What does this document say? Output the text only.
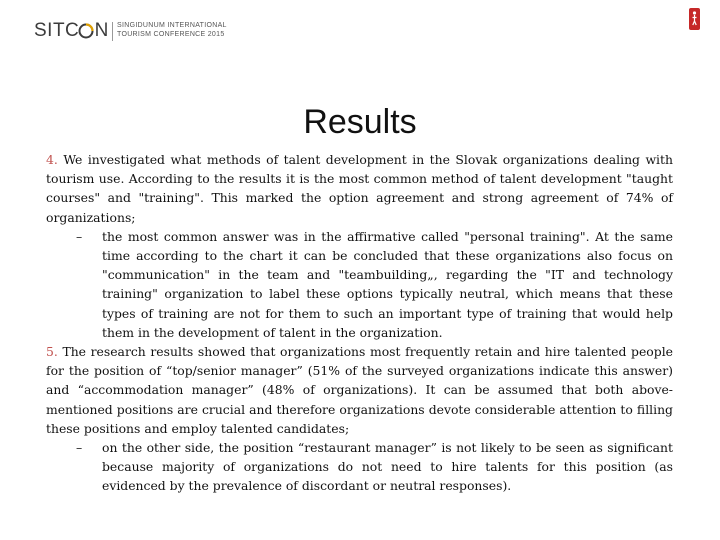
SITC N SINGIDUNUM INTERNATIONAL
TOURISM CONFERENCE 2015
Results

4. We investigated what methods of talent development in the Slovak organizations dealing with tourism use. According to the results it is the most common method of talent development "taught courses" and "training". This marked the option agreement and strong agreement of 74% of organizations;

– the most common answer was in the affirmative called "personal training". At the same time according to the chart it can be concluded that these organizations also focus on "communication" in the team and "teambuilding„, regarding the "IT and technology training" organization to label these options typically neutral, which means that these types of training are not for them to such an important type of training that would help them in the development of talent in the organization.

5. The research results showed that organizations most frequently retain and hire talented people for the position of “top/senior manager” (51% of the surveyed organizations indicate this answer) and “accommodation manager” (48% of organizations). It can be assumed that both above-mentioned positions are crucial and therefore organizations devote considerable attention to filling these positions and employ talented candidates;

– on the other side, the position “restaurant manager” is not likely to be seen as significant because majority of organizations do not need to hire talents for this position (as evidenced by the prevalence of discordant or neutral responses).
